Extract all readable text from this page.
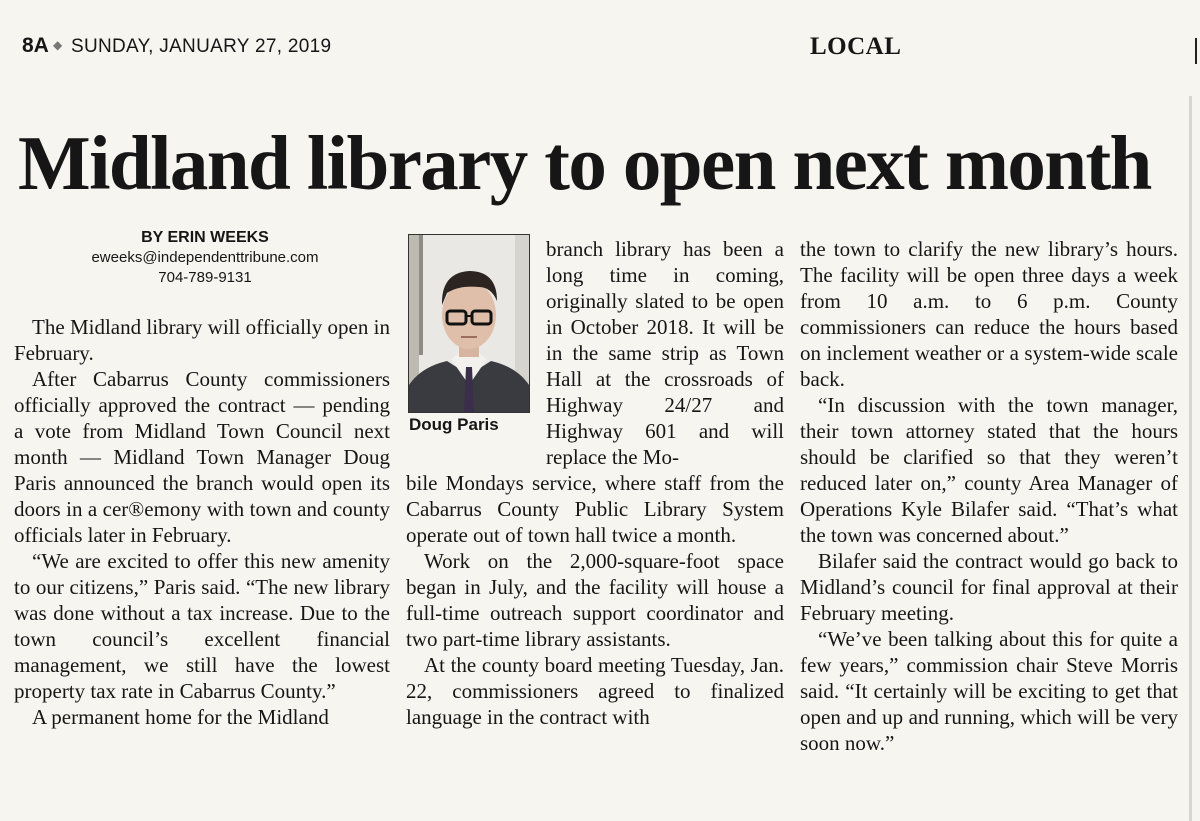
8A ◆ SUNDAY, JANUARY 27, 2019	LOCAL
Midland library to open next month
BY ERIN WEEKS
eweeks@independenttribune.com
704-789-9131
Doug Paris

The Midland library will officially open in February.

After Cabarrus County commissioners officially approved the contract — pending a vote from Midland Town Council next month — Midland Town Manager Doug Paris announced the branch would open its doors in a cer®emony with town and county officials later in February.

“We are excited to offer this new amenity to our citizens,” Paris said. “The new library was done without a tax increase. Due to the town council’s excellent financial management, we still have the lowest property tax rate in Cabarrus County.”

A permanent home for the Midland

branch library has been a long time in coming, originally slated to be open in October 2018. It will be in the same strip as Town Hall at the crossroads of Highway 24/27 and Highway 601 and will replace the Mo-

bile Mondays service, where staff from the Cabarrus County Public Library System operate out of town hall twice a month.

Work on the 2,000-square-foot space began in July, and the facility will house a full-time outreach support coordinator and two part-time library assistants.

At the county board meeting Tuesday, Jan. 22, commissioners agreed to finalized language in the contract with

the town to clarify the new library’s hours. The facility will be open three days a week from 10 a.m. to 6 p.m. County commissioners can reduce the hours based on inclement weather or a system-wide scale back.

“In discussion with the town manager, their town attorney stated that the hours should be clarified so that they weren’t reduced later on,” county Area Manager of Operations Kyle Bilafer said. “That’s what the town was concerned about.”

Bilafer said the contract would go back to Midland’s council for final approval at their February meeting.

“We’ve been talking about this for quite a few years,” commission chair Steve Morris said. “It certainly will be exciting to get that open and up and running, which will be very soon now.”
